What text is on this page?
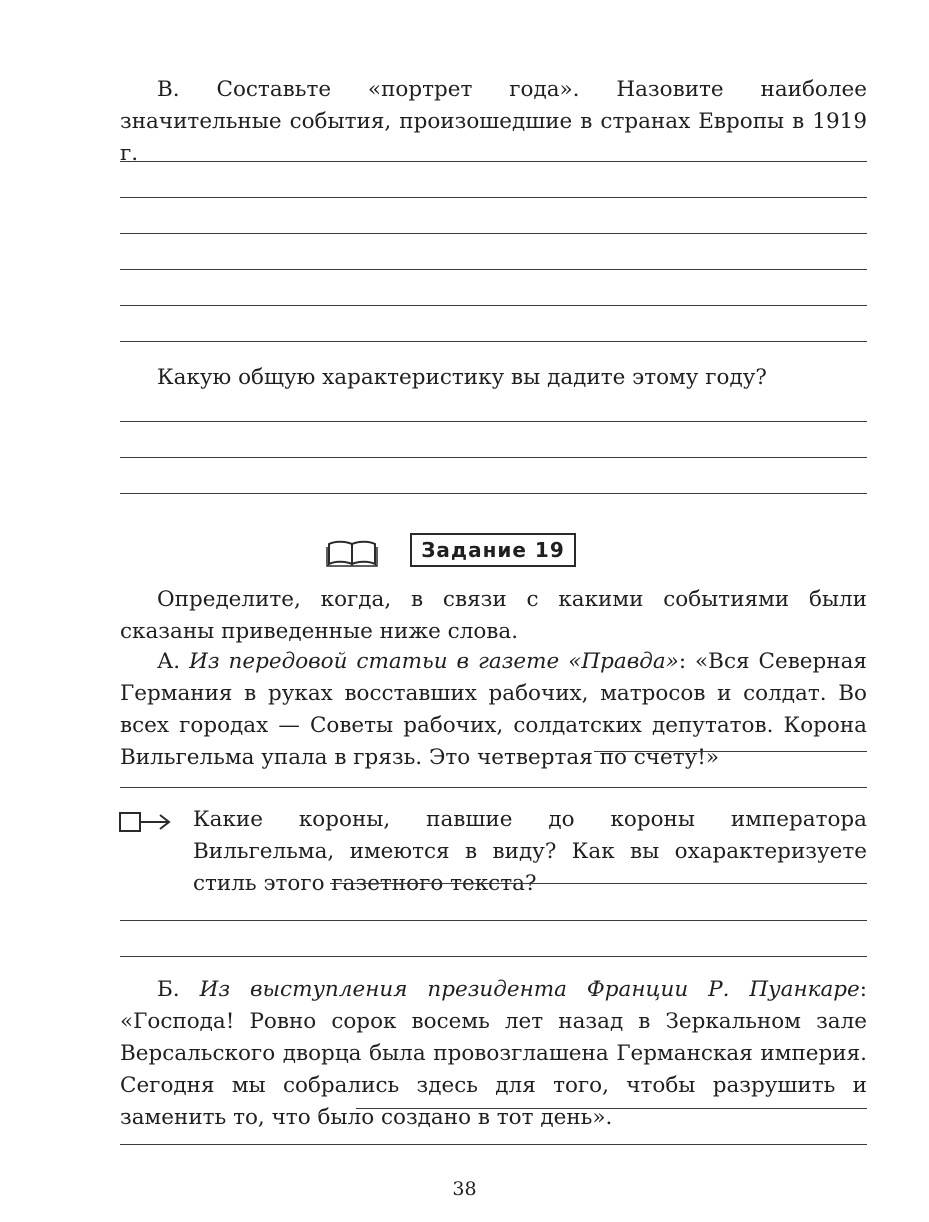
В. Составьте «портрет года». Назовите наиболее значительные события, произошедшие в странах Европы в 1919 г.

Какую общую характеристику вы дадите этому году?

Задание 19

Определите, когда, в связи с какими событиями были сказаны приведенные ниже слова.

А. Из передовой статьи в газете «Правда»: «Вся Северная Германия в руках восставших рабочих, матросов и солдат. Во всех городах — Советы рабочих, солдатских депутатов. Корона Вильгельма упала в грязь. Это четвертая по счету!»

Какие короны, павшие до короны императора Вильгельма, имеются в виду? Как вы охарактеризуете стиль этого газетного текста?

Б. Из выступления президента Франции Р. Пуанкаре: «Господа! Ровно сорок восемь лет назад в Зеркальном зале Версальского дворца была провозглашена Германская империя. Сегодня мы собрались здесь для того, чтобы разрушить и заменить то, что было создано в тот день».

38
